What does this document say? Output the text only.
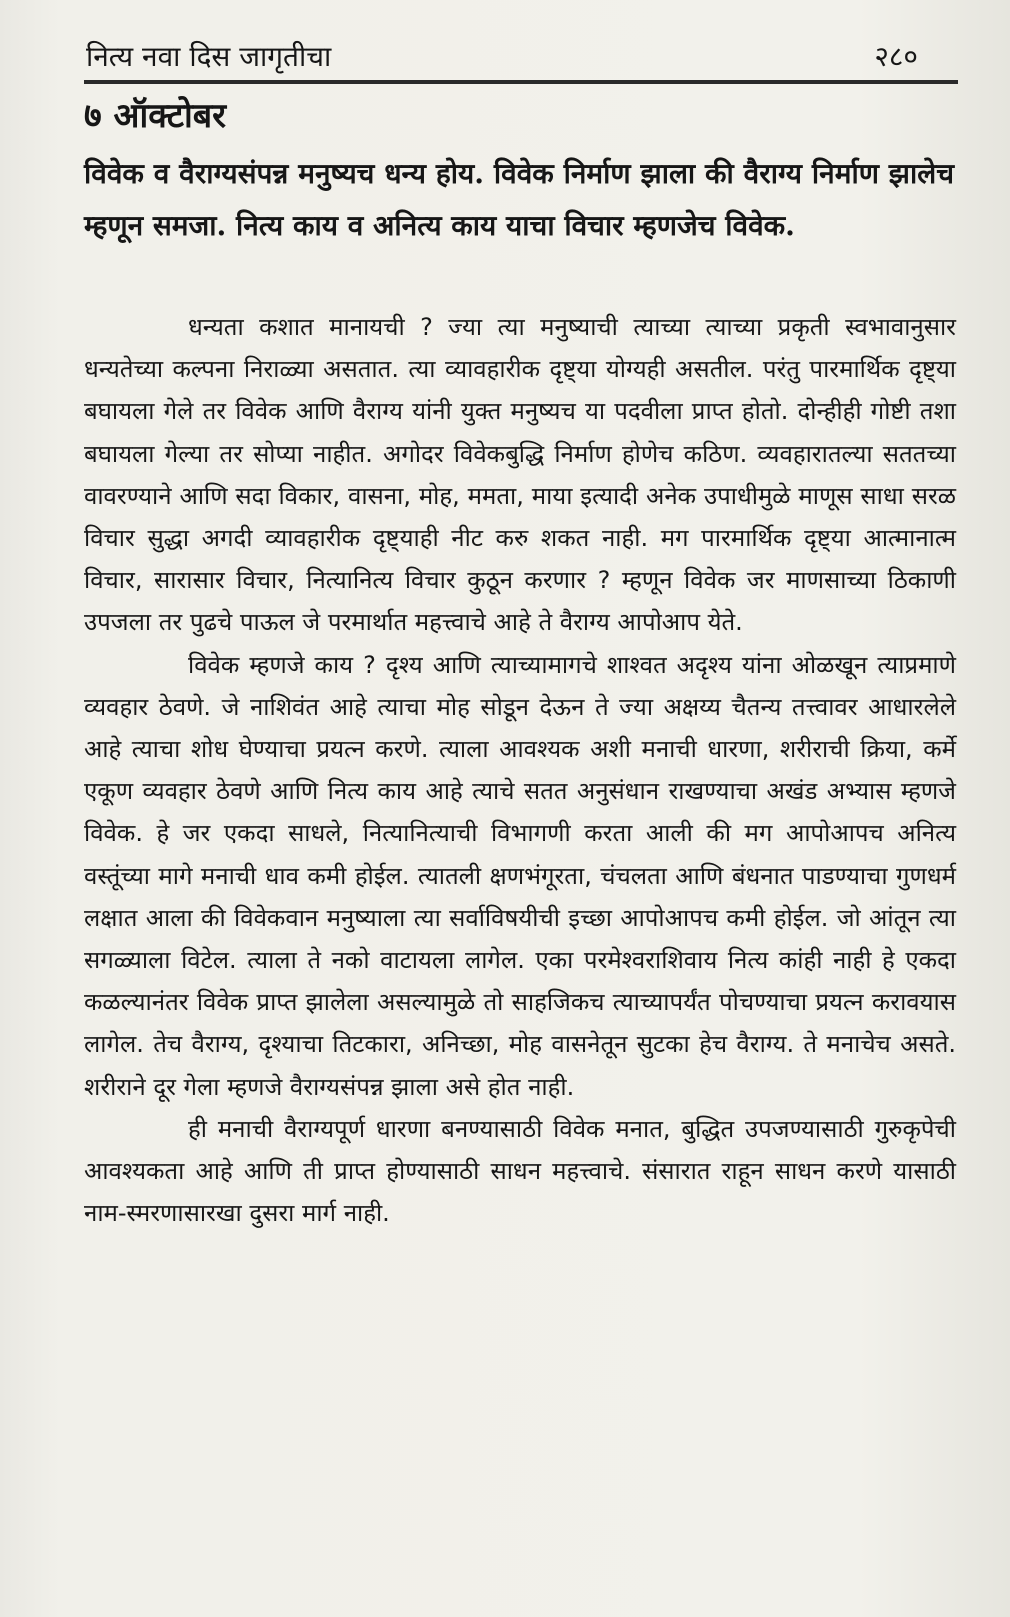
नित्य नवा दिस जागृतीचा	२८०
७ ऑक्टोबर
विवेक व वैराग्यसंपन्न मनुष्यच धन्य होय. विवेक निर्माण झाला की वैराग्य निर्माण झालेच म्हणून समजा. नित्य काय व अनित्य काय याचा विचार म्हणजेच विवेक.

धन्यता कशात मानायची ? ज्या त्या मनुष्याची त्याच्या त्याच्या प्रकृती स्वभावानुसार धन्यतेच्या कल्पना निराळ्या असतात. त्या व्यावहारीक दृष्ट्या योग्यही असतील. परंतु पारमार्थिक दृष्ट्या बघायला गेले तर विवेक आणि वैराग्य यांनी युक्त मनुष्यच या पदवीला प्राप्त होतो. दोन्हीही गोष्टी तशा बघायला गेल्या तर सोप्या नाहीत. अगोदर विवेकबुद्धि निर्माण होणेच कठिण. व्यवहारातल्या सततच्या वावरण्याने आणि सदा विकार, वासना, मोह, ममता, माया इत्यादी अनेक उपाधीमुळे माणूस साधा सरळ विचार सुद्धा अगदी व्यावहारीक दृष्ट्याही नीट करु शकत नाही. मग पारमार्थिक दृष्ट्या आत्मानात्म विचार, सारासार विचार, नित्यानित्य विचार कुठून करणार ? म्हणून विवेक जर माणसाच्या ठिकाणी उपजला तर पुढचे पाऊल जे परमार्थात महत्त्वाचे आहे ते वैराग्य आपोआप येते.

विवेक म्हणजे काय ? दृश्य आणि त्याच्यामागचे शाश्वत अदृश्य यांना ओळखून त्याप्रमाणे व्यवहार ठेवणे. जे नाशिवंत आहे त्याचा मोह सोडून देऊन ते ज्या अक्षय्य चैतन्य तत्त्वावर आधारलेले आहे त्याचा शोध घेण्याचा प्रयत्न करणे. त्याला आवश्यक अशी मनाची धारणा, शरीराची क्रिया, कर्मे एकूण व्यवहार ठेवणे आणि नित्य काय आहे त्याचे सतत अनुसंधान राखण्याचा अखंड अभ्यास म्हणजे विवेक. हे जर एकदा साधले, नित्यानित्याची विभागणी करता आली की मग आपोआपच अनित्य वस्तूंच्या मागे मनाची धाव कमी होईल. त्यातली क्षणभंगूरता, चंचलता आणि बंधनात पाडण्याचा गुणधर्म लक्षात आला की विवेकवान मनुष्याला त्या सर्वाविषयीची इच्छा आपोआपच कमी होईल. जो आंतून त्या सगळ्याला विटेल. त्याला ते नको वाटायला लागेल. एका परमेश्वराशिवाय नित्य कांही नाही हे एकदा कळल्यानंतर विवेक प्राप्त झालेला असल्यामुळे तो साहजिकच त्याच्यापर्यंत पोचण्याचा प्रयत्न करावयास लागेल. तेच वैराग्य, दृश्याचा तिटकारा, अनिच्छा, मोह वासनेतून सुटका हेच वैराग्य. ते मनाचेच असते. शरीराने दूर गेला म्हणजे वैराग्यसंपन्न झाला असे होत नाही.

ही मनाची वैराग्यपूर्ण धारणा बनण्यासाठी विवेक मनात, बुद्धित उपजण्यासाठी गुरुकृपेची आवश्यकता आहे आणि ती प्राप्त होण्यासाठी साधन महत्त्वाचे. संसारात राहून साधन करणे यासाठी नाम-स्मरणासारखा दुसरा मार्ग नाही.
